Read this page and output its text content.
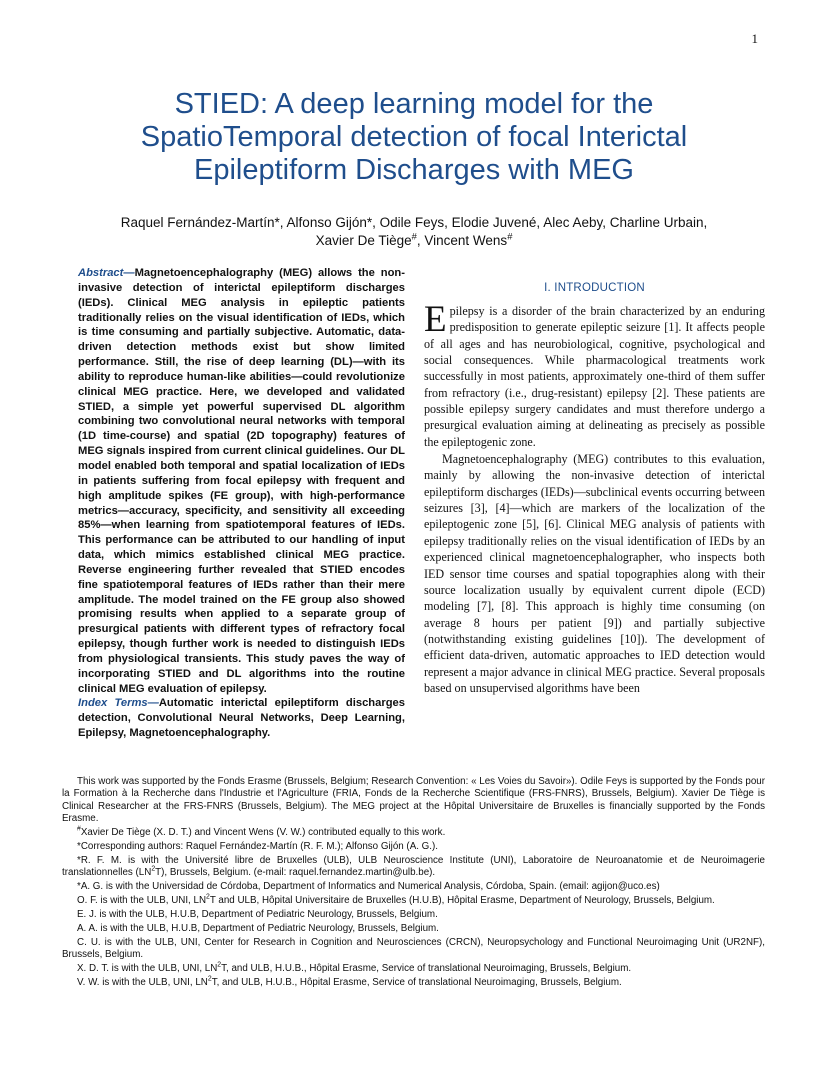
1
STIED: A deep learning model for the
SpatioTemporal detection of focal Interictal
Epileptiform Discharges with MEG
Raquel Fernández-Martín*, Alfonso Gijón*, Odile Feys, Elodie Juvené, Alec Aeby, Charline Urbain,
Xavier De Tiège#, Vincent Wens#
Abstract—Magnetoencephalography (MEG) allows the non-invasive detection of interictal epileptiform discharges (IEDs). Clinical MEG analysis in epileptic patients traditionally relies on the visual identification of IEDs, which is time consuming and partially subjective. Automatic, data-driven detection methods exist but show limited performance. Still, the rise of deep learning (DL)—with its ability to reproduce human-like abilities—could revolutionize clinical MEG practice. Here, we developed and validated STIED, a simple yet powerful supervised DL algorithm combining two convolutional neural networks with temporal (1D time-course) and spatial (2D topography) features of MEG signals inspired from current clinical guidelines. Our DL model enabled both temporal and spatial localization of IEDs in patients suffering from focal epilepsy with frequent and high amplitude spikes (FE group), with high-performance metrics—accuracy, specificity, and sensitivity all exceeding 85%—when learning from spatiotemporal features of IEDs. This performance can be attributed to our handling of input data, which mimics established clinical MEG practice. Reverse engineering further revealed that STIED encodes fine spatiotemporal features of IEDs rather than their mere amplitude. The model trained on the FE group also showed promising results when applied to a separate group of presurgical patients with different types of refractory focal epilepsy, though further work is needed to distinguish IEDs from physiological transients. This study paves the way of incorporating STIED and DL algorithms into the routine clinical MEG evaluation of epilepsy.
Index Terms—Automatic interictal epileptiform discharges detection, Convolutional Neural Networks, Deep Learning, Epilepsy, Magnetoencephalography.
I. INTRODUCTION

Epilepsy is a disorder of the brain characterized by an enduring predisposition to generate epileptic seizure [1]. It affects people of all ages and has neurobiological, cognitive, psychological and social consequences. While pharmacological treatments work successfully in most patients, approximately one-third of them suffer from refractory (i.e., drug-resistant) epilepsy [2]. These patients are possible epilepsy surgery candidates and must therefore undergo a presurgical evaluation aiming at delineating as precisely as possible the epileptogenic zone.

Magnetoencephalography (MEG) contributes to this evaluation, mainly by allowing the non-invasive detection of interictal epileptiform discharges (IEDs)—subclinical events occurring between seizures [3], [4]—which are markers of the localization of the epileptogenic zone [5], [6]. Clinical MEG analysis of patients with epilepsy traditionally relies on the visual identification of IEDs by an experienced clinical magnetoencephalographer, who inspects both IED sensor time courses and spatial topographies along with their source localization usually by equivalent current dipole (ECD) modeling [7], [8]. This approach is highly time consuming (on average 8 hours per patient [9]) and partially subjective (notwithstanding existing guidelines [10]). The development of efficient data-driven, automatic approaches to IED detection would represent a major advance in clinical MEG practice. Several proposals based on unsupervised algorithms have been

This work was supported by the Fonds Erasme (Brussels, Belgium; Research Convention: « Les Voies du Savoir»). Odile Feys is supported by the Fonds pour la Formation à la Recherche dans l'Industrie et l'Agriculture (FRIA, Fonds de la Recherche Scientifique (FRS-FNRS), Brussels, Belgium). Xavier De Tiège is Clinical Researcher at the FRS-FNRS (Brussels, Belgium). The MEG project at the Hôpital Universitaire de Bruxelles is financially supported by the Fonds Erasme.

#Xavier De Tiège (X. D. T.) and Vincent Wens (V. W.) contributed equally to this work.

*Corresponding authors: Raquel Fernández-Martín (R. F. M.); Alfonso Gijón (A. G.).

*R. F. M. is with the Université libre de Bruxelles (ULB), ULB Neuroscience Institute (UNI), Laboratoire de Neuroanatomie et de Neuroimagerie translationnelles $(LN^2T)$, Brussels, Belgium. (e-mail: raquel.fernandez.martin@ulb.be).

*A. G. is with the Universidad de Córdoba, Department of Informatics and Numerical Analysis, Córdoba, Spain. (email: agijon@uco.es)

O. F. is with the ULB, UNI, $LN^2T$ and ULB, Hôpital Universitaire de Bruxelles (H.U.B), Hôpital Erasme, Department of Neurology, Brussels, Belgium.

E. J. is with the ULB, H.U.B, Department of Pediatric Neurology, Brussels, Belgium.

A. A. is with the ULB, H.U.B, Department of Pediatric Neurology, Brussels, Belgium.

C. U. is with the ULB, UNI, Center for Research in Cognition and Neurosciences (CRCN), Neuropsychology and Functional Neuroimaging Unit (UR2NF), Brussels, Belgium.

X. D. T. is with the ULB, UNI, $LN^2T$, and ULB, H.U.B., Hôpital Erasme, Service of translational Neuroimaging, Brussels, Belgium.

V. W. is with the ULB, UNI, $LN^2T$, and ULB, H.U.B., Hôpital Erasme, Service of translational Neuroimaging, Brussels, Belgium.
